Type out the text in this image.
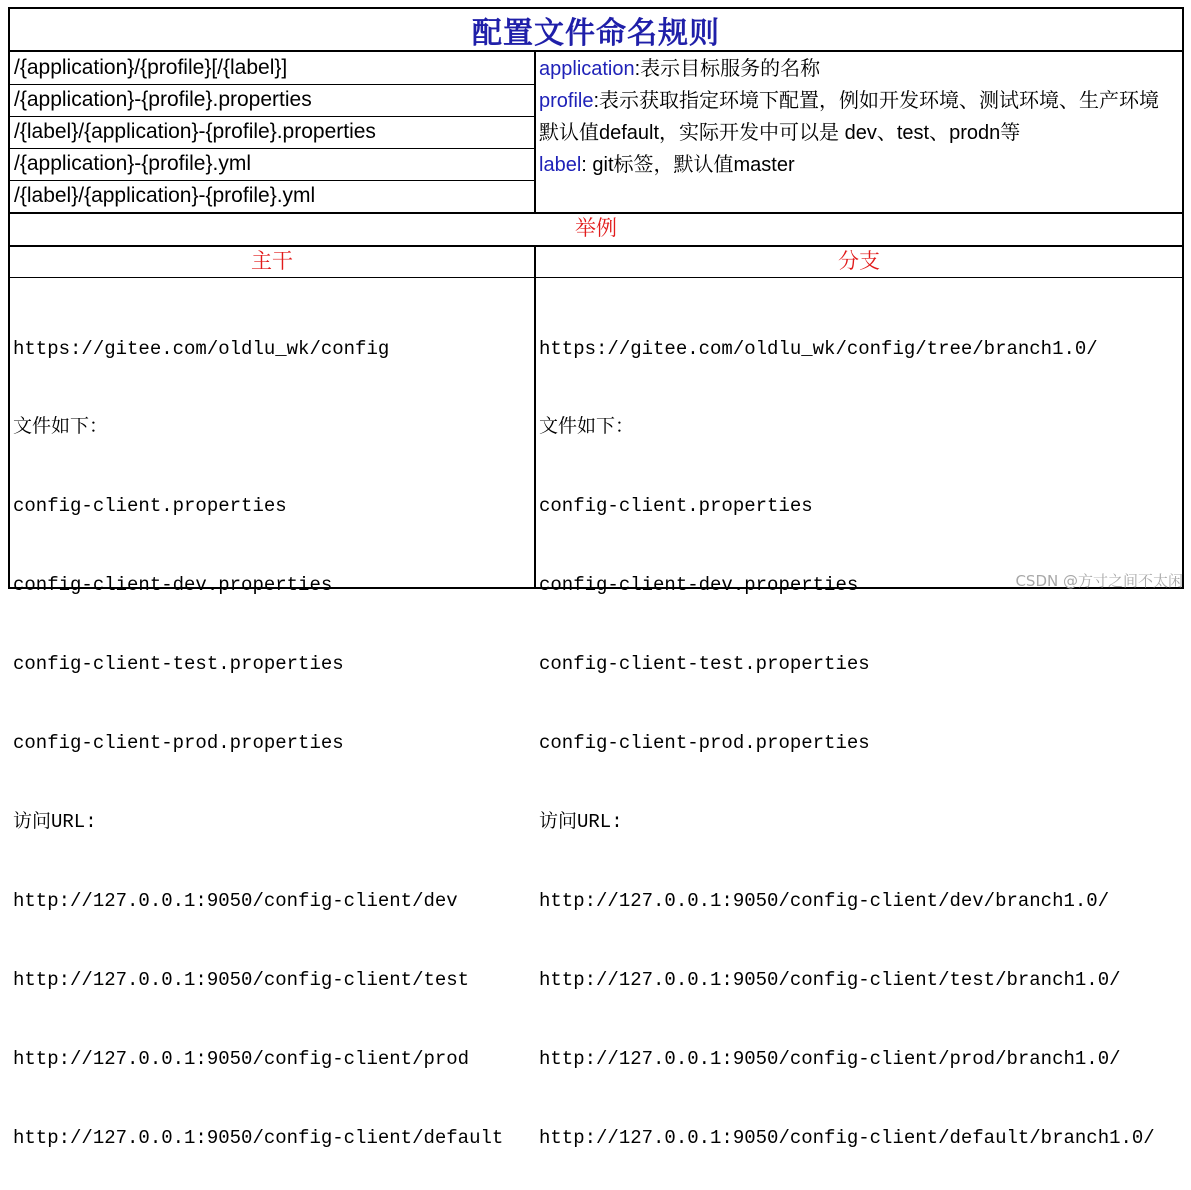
配置文件命名规则
/{application}/{profile}[/{label}]
/{application}-{profile}.properties
/{label}/{application}-{profile}.properties
/{application}-{profile}.yml
/{label}/{application}-{profile}.yml
application:表示目标服务的名称
profile:表示获取指定环境下配置，例如开发环境、测试环境、生产环境 默认值default，实际开发中可以是 dev、test、prodn等
label: git标签，默认值master
举例
主干	分支

https://gitee.com/oldlu_wk/config

文件如下：

config-client.properties

config-client-dev.properties

config-client-test.properties

config-client-prod.properties

访问URL:

http://127.0.0.1:9050/config-client/dev

http://127.0.0.1:9050/config-client/test

http://127.0.0.1:9050/config-client/prod

http://127.0.0.1:9050/config-client/default

https://gitee.com/oldlu_wk/config/tree/branch1.0/

文件如下：

config-client.properties

config-client-dev.properties

config-client-test.properties

config-client-prod.properties

访问URL:

http://127.0.0.1:9050/config-client/dev/branch1.0/

http://127.0.0.1:9050/config-client/test/branch1.0/

http://127.0.0.1:9050/config-client/prod/branch1.0/

http://127.0.0.1:9050/config-client/default/branch1.0/

CSDN @方寸之间不太闲
